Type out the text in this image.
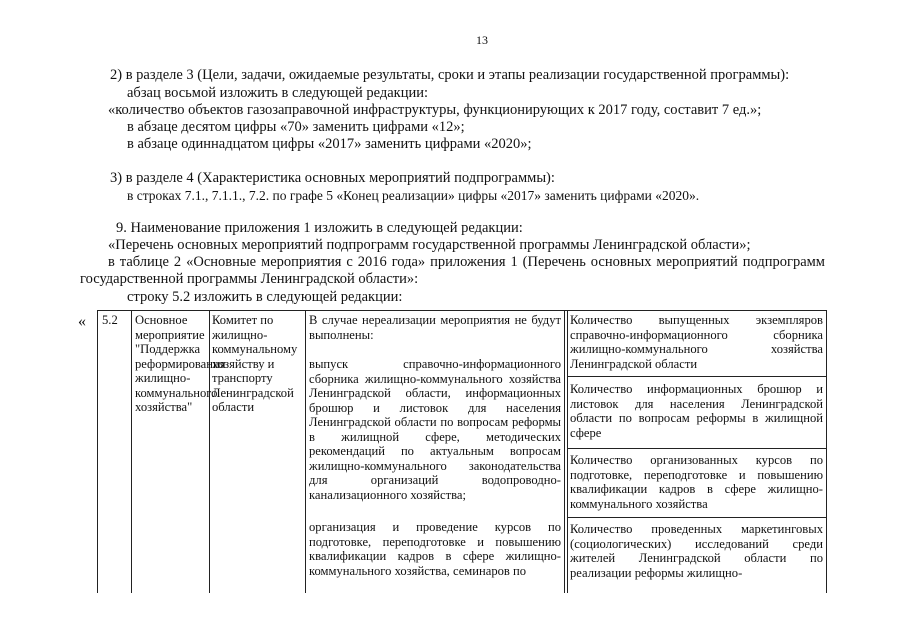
13
2) в разделе 3 (Цели, задачи, ожидаемые результаты, сроки и этапы реализации государственной программы):
абзац восьмой изложить в следующей редакции:
«количество объектов газозаправочной инфраструктуры, функционирующих к 2017 году, составит 7 ед.»;
в абзаце десятом цифры «70» заменить цифрами «12»;
в абзаце одиннадцатом цифры «2017» заменить цифрами «2020»;
3) в разделе 4 (Характеристика основных мероприятий подпрограммы):
в строках 7.1., 7.1.1., 7.2. по графе 5 «Конец реализации» цифры «2017» заменить цифрами «2020».
9. Наименование приложения 1 изложить в следующей редакции:
«Перечень основных мероприятий подпрограмм государственной программы Ленинградской области»;
в таблице 2 «Основные мероприятия с 2016 года» приложения 1 (Перечень основных мероприятий подпрограмм государственной программы Ленинградской области»:
строку 5.2 изложить в следующей редакции:
« 5.2	Основное мероприятие "Поддержка реформирования жилищно-коммунального хозяйства"
Комитет по жилищно-коммунальному хозяйству и транспорту Ленинградской области
В случае нереализации мероприятия не будут выполнены:
выпуск справочно-информационного сборника жилищно-коммунального хозяйства Ленинградской области, информационных брошюр и листовок для населения Ленинградской области по вопросам реформы в жилищной сфере, методических рекомендаций по актуальным вопросам жилищно-коммунального законодательства для организаций водопроводно-канализационного хозяйства;
организация и проведение курсов по подготовке, переподготовке и повышению квалификации кадров в сфере жилищно-коммунального хозяйства, семинаров по
Количество выпущенных экземпляров справочно-информационного сборника жилищно-коммунального хозяйства Ленинградской области
Количество информационных брошюр и листовок для населения Ленинградской области по вопросам реформы в жилищной сфере
Количество организованных курсов по подготовке, переподготовке и повышению квалификации кадров в сфере жилищно-коммунального хозяйства
Количество проведенных маркетинговых (социологических) исследований среди жителей Ленинградской области по реализации реформы жилищно-
